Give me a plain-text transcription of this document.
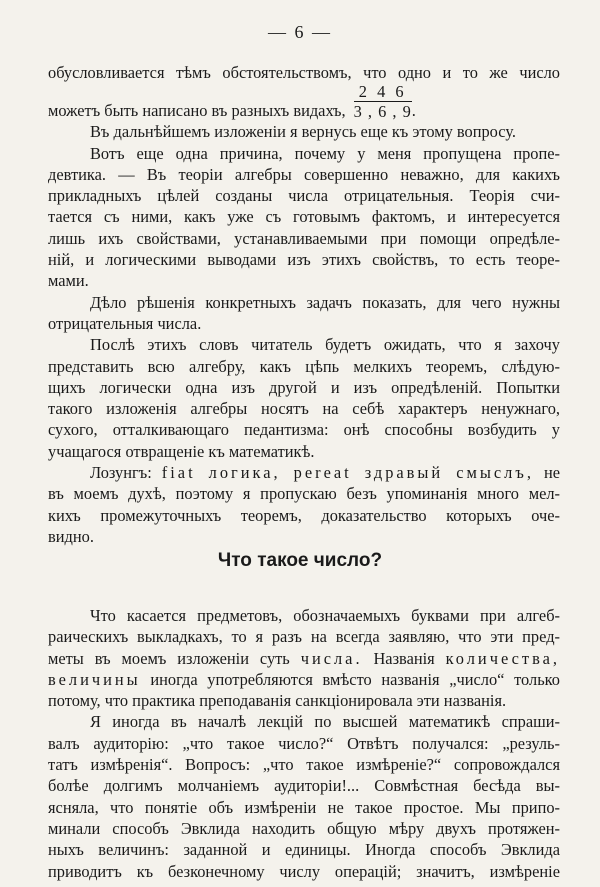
— 6 —
обусловливается тѣмъ обстоятельствомъ, что одно и то же число
можетъ быть написано въ разныхъ видахъ, $\frac{2 4 6}{3 , 6 , 9}$ .
Въ дальнѣйшемъ изложеніи я вернусь еще къ этому вопросу.
Вотъ еще одна причина, почему у меня пропущена пропе-
девтика. — Въ теоріи алгебры совершенно неважно, для какихъ
прикладныхъ цѣлей созданы числа отрицательныя. Теорія счи-
тается съ ними, какъ уже съ готовымъ фактомъ, и интересуется
лишь ихъ свойствами, устанавливаемыми при помощи опредѣле-
ній, и логическими выводами изъ этихъ свойствъ, то есть теоре-
мами.
Дѣло рѣшенія конкретныхъ задачъ показать, для чего нужны
отрицательныя числа.
Послѣ этихъ словъ читатель будетъ ожидать, что я захочу
представить всю алгебру, какъ цѣпь мелкихъ теоремъ, слѣдую-
щихъ логически одна изъ другой и изъ опредѣленій. Попытки
такого изложенія алгебры носятъ на себѣ характеръ ненужнаго,
сухого, отталкивающаго педантизма: онѣ способны возбудить у
учащагося отвращеніе къ математикѣ.
Лозунгъ: fiat логика, pereat здравый смыслъ, не
въ моемъ духѣ, поэтому я пропускаю безъ упоминанія много мел-
кихъ промежуточныхъ теоремъ, доказательство которыхъ оче-
видно.
Что такое число?
Что касается предметовъ, обозначаемыхъ буквами при алгеб-
раическихъ выкладкахъ, то я разъ на всегда заявляю, что эти пред-
меты въ моемъ изложеніи суть числа. Названія количества,
величины иногда употребляются вмѣсто названія „число“ только
потому, что практика преподаванія санкціонировала эти названія.
Я иногда въ началѣ лекцій по высшей математикѣ спраши-
валъ аудиторію: „что такое число?“ Отвѣтъ получался: „резуль-
татъ измѣренія“. Вопросъ: „что такое измѣреніе?“ сопровождался
болѣе долгимъ молчаніемъ аудиторіи!... Совмѣстная бесѣда вы-
ясняла, что понятіе объ измѣреніи не такое простое. Мы припо-
минали способъ Эвклида находить общую мѣру двухъ протяжен-
ныхъ величинъ: заданной и единицы. Иногда способъ Эвклида
приводитъ къ безконечному числу операцій; значитъ, измѣреніе
